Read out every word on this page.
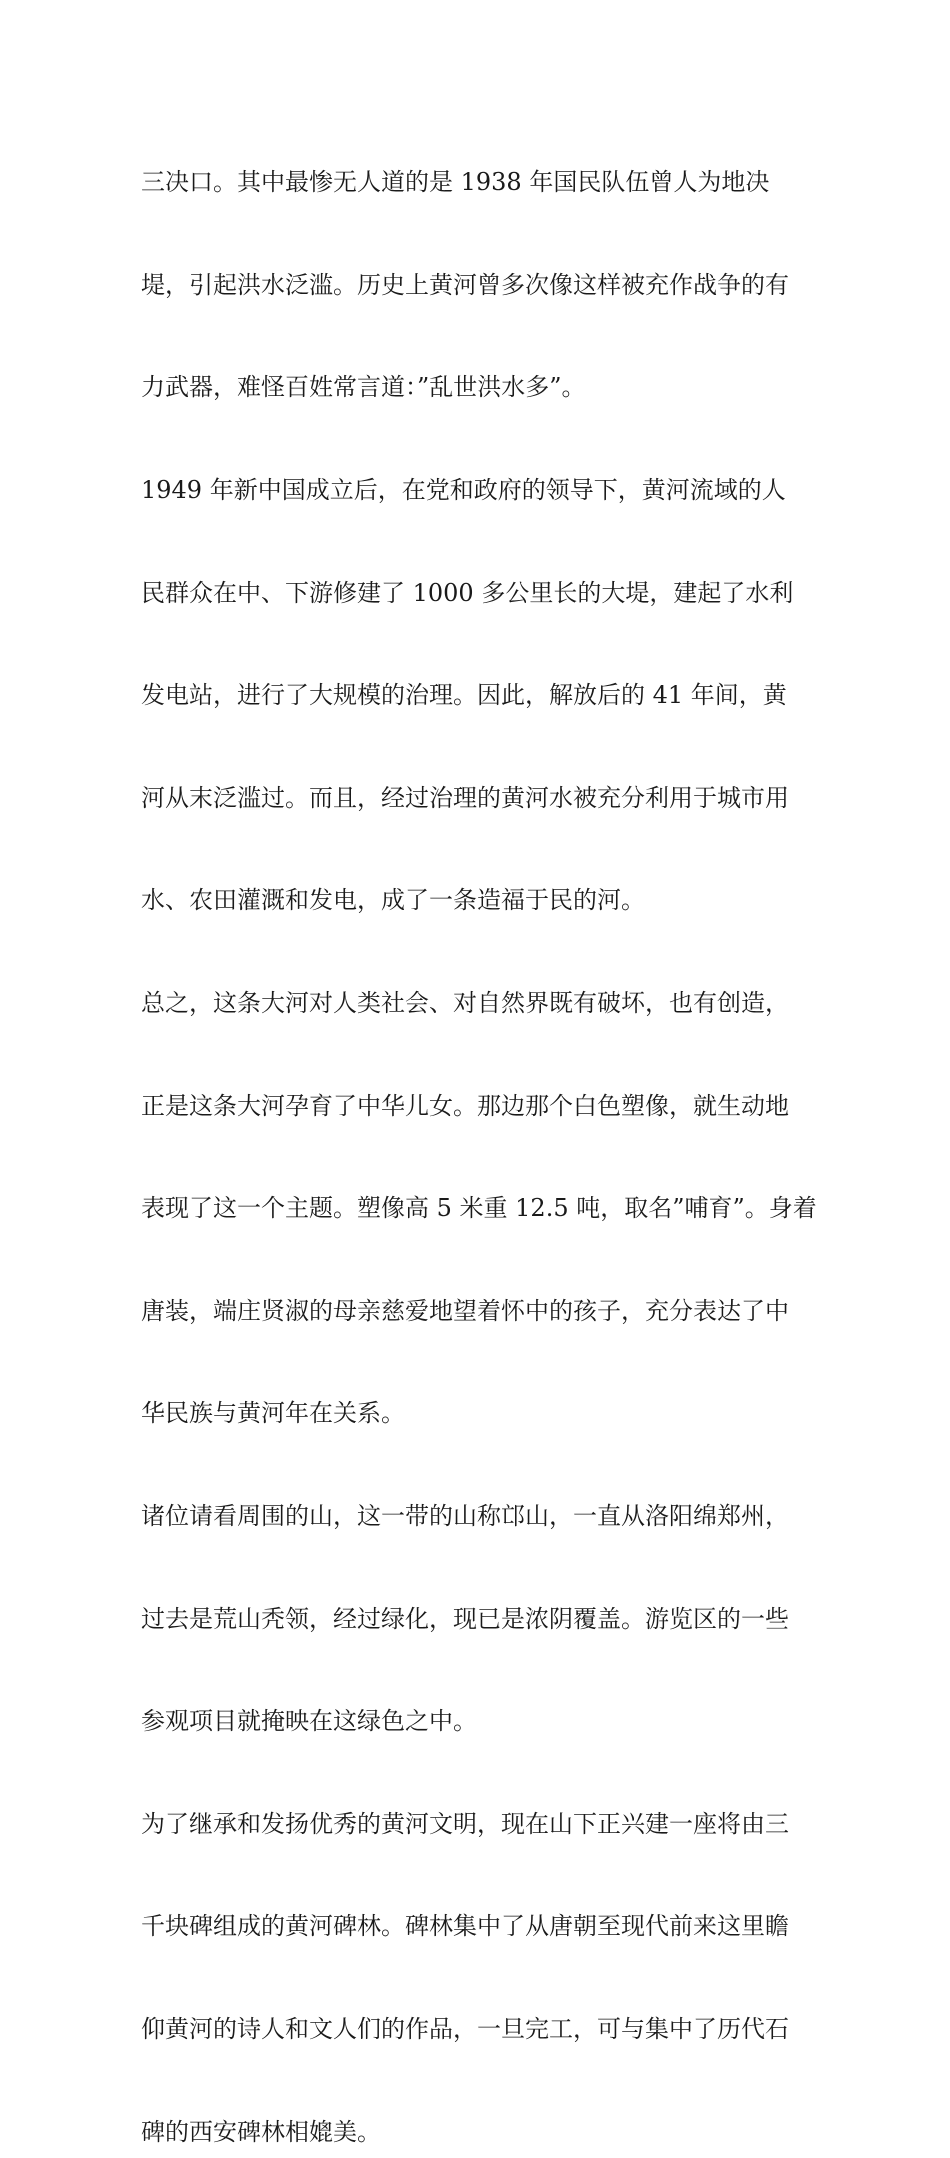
三决口。其中最惨无人道的是 1938 年国民队伍曾人为地决

堤，引起洪水泛滥。历史上黄河曾多次像这样被充作战争的有

力武器，难怪百姓常言道：”乱世洪水多”。

1949 年新中国成立后，在党和政府的领导下，黄河流域的人

民群众在中、下游修建了 1000 多公里长的大堤，建起了水利

发电站，进行了大规模的治理。因此，解放后的 41 年间，黄

河从末泛滥过。而且，经过治理的黄河水被充分利用于城市用

水、农田灌溉和发电，成了一条造福于民的河。

总之，这条大河对人类社会、对自然界既有破坏，也有创造，

正是这条大河孕育了中华儿女。那边那个白色塑像，就生动地

表现了这一个主题。塑像高 5 米重 12.5 吨，取名”哺育”。身着

唐装，端庄贤淑的母亲慈爱地望着怀中的孩子，充分表达了中

华民族与黄河年在关系。

诸位请看周围的山，这一带的山称邙山，一直从洛阳绵郑州，

过去是荒山秃领，经过绿化，现已是浓阴覆盖。游览区的一些

参观项目就掩映在这绿色之中。

为了继承和发扬优秀的黄河文明，现在山下正兴建一座将由三

千块碑组成的黄河碑林。碑林集中了从唐朝至现代前来这里瞻

仰黄河的诗人和文人们的作品，一旦完工，可与集中了历代石

碑的西安碑林相媲美。
